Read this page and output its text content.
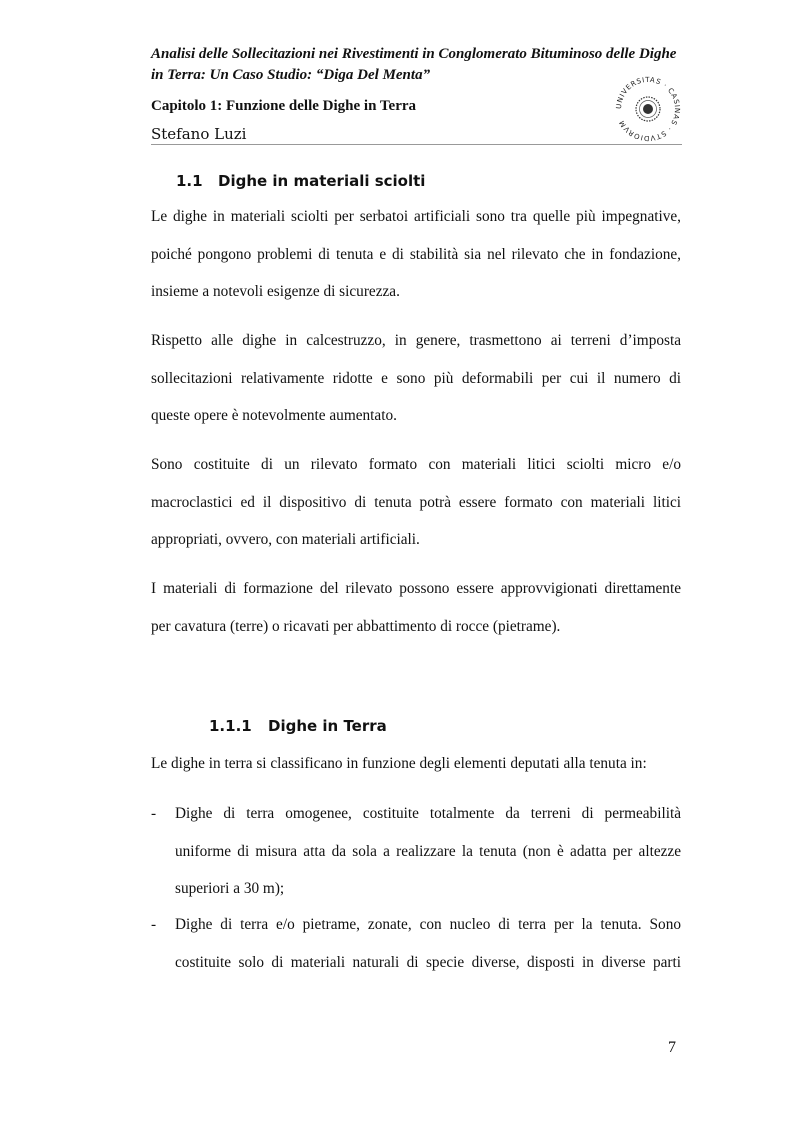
Analisi delle Sollecitazioni nei Rivestimenti in Conglomerato Bituminoso delle Dighe
in Terra: Un Caso Studio: “Diga Del Menta”
Capitolo 1: Funzione delle Dighe in Terra
Stefano Luzi
UNIVERSITAS · CASINAS · STVDIORVM
1.1 Dighe in materiali sciolti
Le dighe in materiali sciolti per serbatoi artificiali sono tra quelle più impegnative,
poiché pongono problemi di tenuta e di stabilità sia nel rilevato che in fondazione,
insieme a notevoli esigenze di sicurezza.
Rispetto alle dighe in calcestruzzo, in genere, trasmettono ai terreni d’imposta
sollecitazioni relativamente ridotte e sono più deformabili per cui il numero di
queste opere è notevolmente aumentato.
Sono costituite di un rilevato formato con materiali litici sciolti micro e/o
macroclastici ed il dispositivo di tenuta potrà essere formato con materiali litici
appropriati, ovvero, con materiali artificiali.
I materiali di formazione del rilevato possono essere approvvigionati direttamente
per cavatura (terre) o ricavati per abbattimento di rocce (pietrame).
1.1.1 Dighe in Terra
Le dighe in terra si classificano in funzione degli elementi deputati alla tenuta in:
- Dighe di terra omogenee, costituite totalmente da terreni di permeabilità
uniforme di misura atta da sola a realizzare la tenuta (non è adatta per altezze
superiori a 30 m);
- Dighe di terra e/o pietrame, zonate, con nucleo di terra per la tenuta. Sono
costituite solo di materiali naturali di specie diverse, disposti in diverse parti
7
